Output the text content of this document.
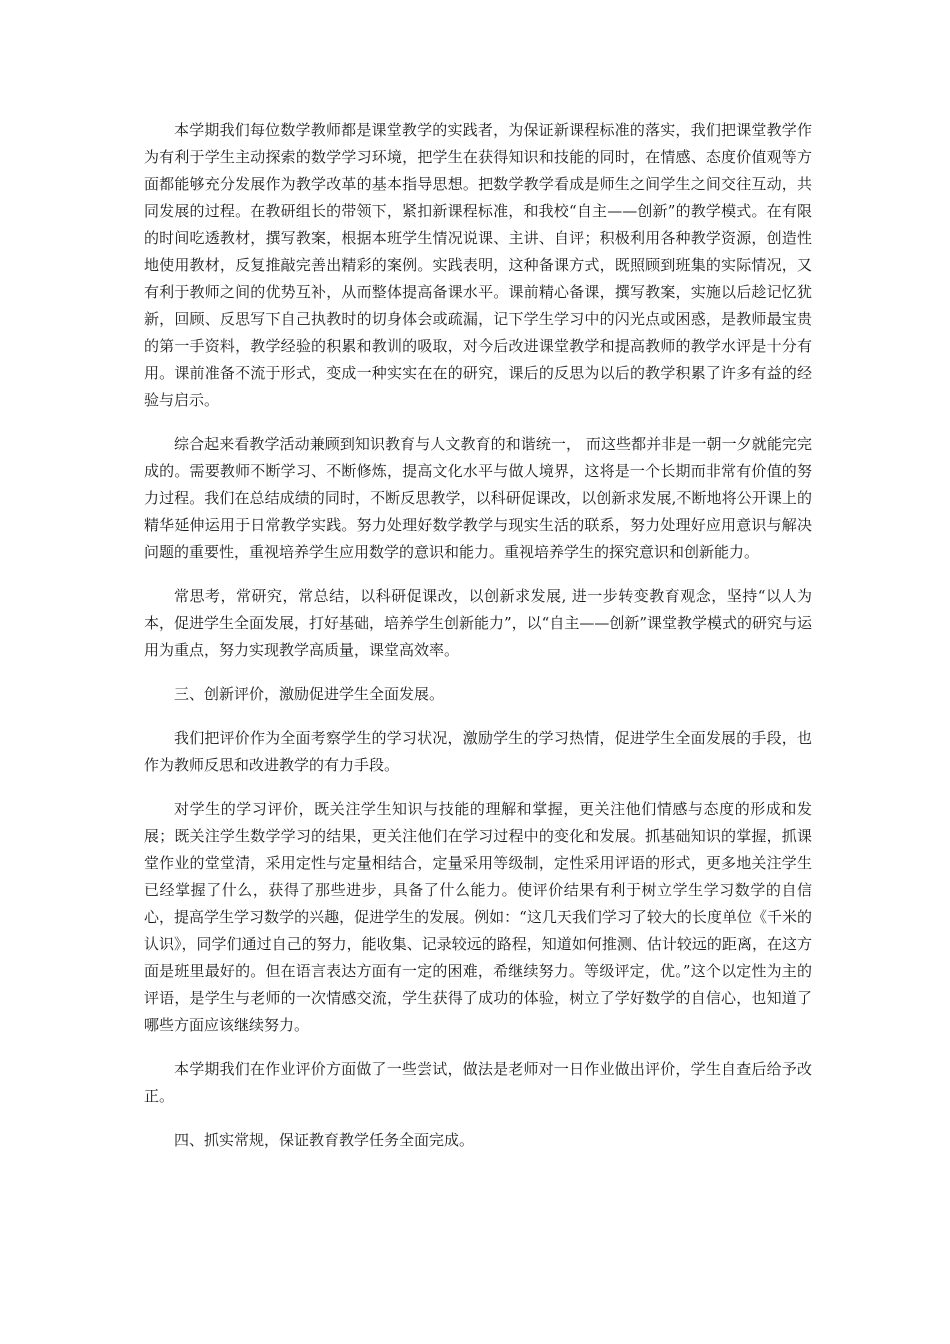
本学期我们每位数学教师都是课堂教学的实践者，为保证新课程标准的落实，我们把课堂教学作为有利于学生主动探索的数学学习环境，把学生在获得知识和技能的同时，在情感、态度价值观等方面都能够充分发展作为教学改革的基本指导思想。把数学教学看成是师生之间学生之间交往互动，共同发展的过程。在教研组长的带领下，紧扣新课程标准，和我校“自主——创新”的教学模式。在有限的时间吃透教材，撰写教案，根据本班学生情况说课、主讲、自评；积极利用各种教学资源，创造性地使用教材，反复推敲完善出精彩的案例。实践表明，这种备课方式，既照顾到班集的实际情况，又有利于教师之间的优势互补，从而整体提高备课水平。课前精心备课，撰写教案，实施以后趁记忆犹新，回顾、反思写下自己执教时的切身体会或疏漏，记下学生学习中的闪光点或困惑，是教师最宝贵的第一手资料，教学经验的积累和教训的吸取，对今后改进课堂教学和提高教师的教学水评是十分有用。课前准备不流于形式，变成一种实实在在的研究，课后的反思为以后的教学积累了许多有益的经验与启示。

综合起来看教学活动兼顾到知识教育与人文教育的和谐统一， 而这些都并非是一朝一夕就能完完成的。需要教师不断学习、不断修炼，提高文化水平与做人境界，这将是一个长期而非常有价值的努力过程。我们在总结成绩的同时，不断反思教学，以科研促课改，以创新求发展,不断地将公开课上的精华延伸运用于日常教学实践。努力处理好数学教学与现实生活的联系，努力处理好应用意识与解决问题的重要性，重视培养学生应用数学的意识和能力。重视培养学生的探究意识和创新能力。

常思考，常研究，常总结，以科研促课改，以创新求发展, 进一步转变教育观念，坚持“以人为本，促进学生全面发展，打好基础，培养学生创新能力”，以“自主——创新”课堂教学模式的研究与运用为重点，努力实现教学高质量，课堂高效率。

三、创新评价，激励促进学生全面发展。

我们把评价作为全面考察学生的学习状况，激励学生的学习热情，促进学生全面发展的手段，也作为教师反思和改进教学的有力手段。

对学生的学习评价，既关注学生知识与技能的理解和掌握，更关注他们情感与态度的形成和发展；既关注学生数学学习的结果，更关注他们在学习过程中的变化和发展。抓基础知识的掌握，抓课堂作业的堂堂清，采用定性与定量相结合，定量采用等级制，定性采用评语的形式，更多地关注学生已经掌握了什么，获得了那些进步，具备了什么能力。使评价结果有利于树立学生学习数学的自信心，提高学生学习数学的兴趣，促进学生的发展。例如：“这几天我们学习了较大的长度单位《千米的认识》，同学们通过自己的努力，能收集、记录较远的路程，知道如何推测、估计较远的距离，在这方面是班里最好的。但在语言表达方面有一定的困难，希继续努力。等级评定，优。”这个以定性为主的评语，是学生与老师的一次情感交流，学生获得了成功的体验，树立了学好数学的自信心，也知道了哪些方面应该继续努力。

本学期我们在作业评价方面做了一些尝试，做法是老师对一日作业做出评价，学生自查后给予改正。

四、抓实常规，保证教育教学任务全面完成。
